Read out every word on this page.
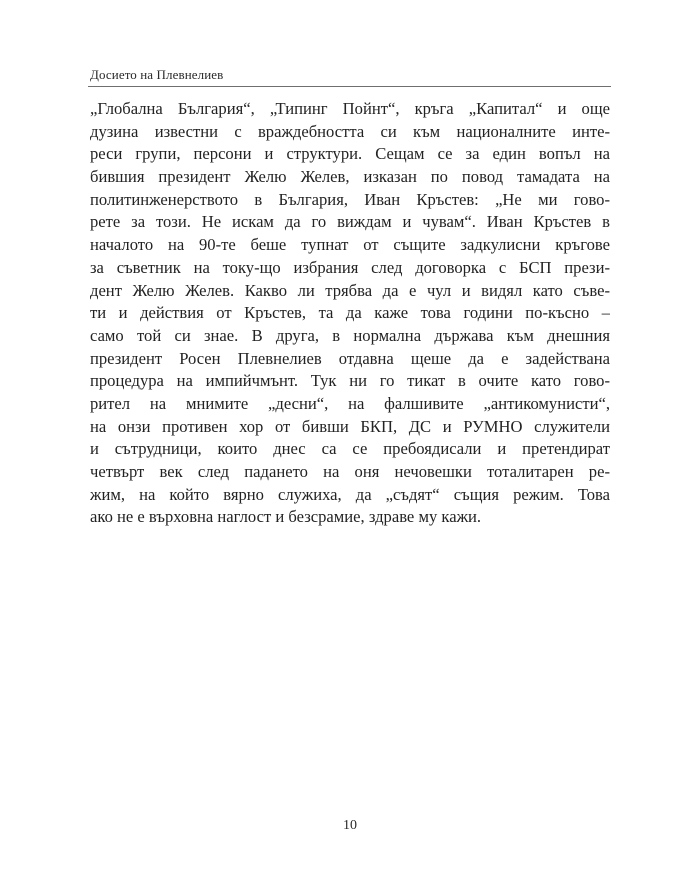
Досието на Плевнелиев
„Глобална България“, „Типинг Пойнт“, кръга „Капитал“ и още
дузина известни с враждебността си към националните инте-
реси групи, персони и структури. Сещам се за един вопъл на
бившия президент Желю Желев, изказан по повод тамадата на
политинженерството в България, Иван Кръстев: „Не ми гово-
рете за този. Не искам да го виждам и чувам“. Иван Кръстев в
началото на 90-те беше тупнат от същите задкулисни кръгове
за съветник на току-що избрания след договорка с БСП прези-
дент Желю Желев. Какво ли трябва да е чул и видял като съве-
ти и действия от Кръстев, та да каже това години по-късно –
само той си знае. В друга, в нормална държава към днешния
президент Росен Плевнелиев отдавна щеше да е задействана
процедура на импийчмънт. Тук ни го тикат в очите като гово-
рител на мнимите „десни“, на фалшивите „антикомунисти“,
на онзи противен хор от бивши БКП, ДС и РУМНО служители
и сътрудници, които днес са се пребоядисали и претендират
четвърт век след падането на оня нечовешки тоталитарен ре-
жим, на който вярно служиха, да „съдят“ същия режим. Това
ако не е върховна наглост и безсрамие, здраве му кажи.
10
